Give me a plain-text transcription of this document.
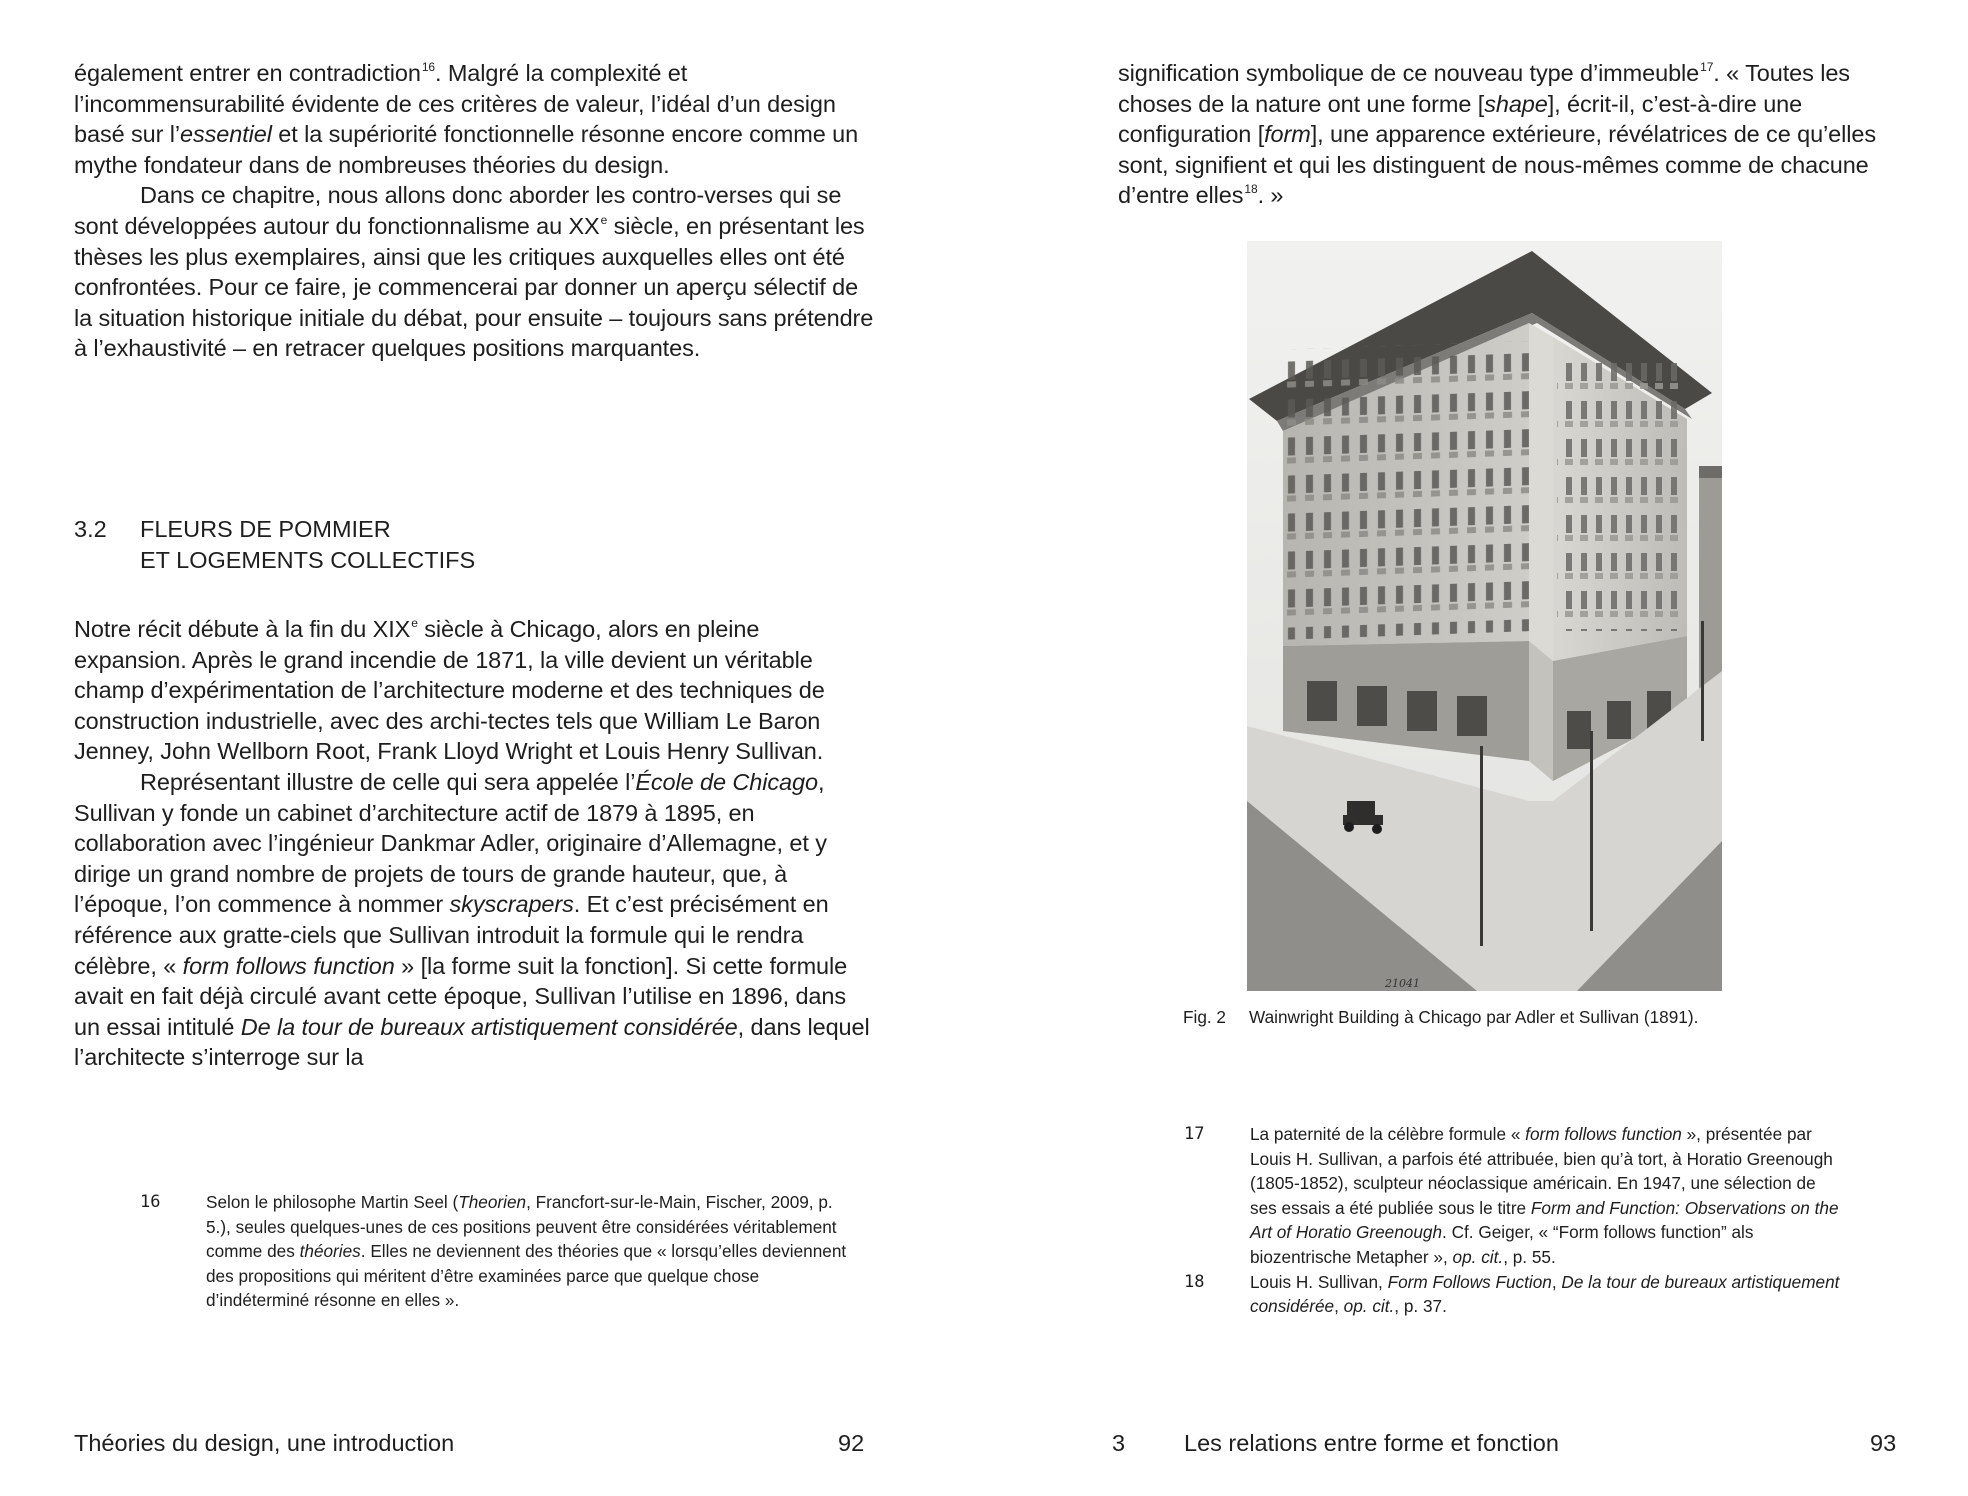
également entrer en contradiction$^{16}$. Malgré la complexité et l’incommensurabilité évidente de ces critères de valeur, l’idéal d’un design basé sur l’essentiel et la supériorité fonctionnelle résonne encore comme un mythe fondateur dans de nombreuses théories du design.

Dans ce chapitre, nous allons donc aborder les contro-verses qui se sont développées autour du fonctionnalisme au XXe siècle, en présentant les thèses les plus exemplaires, ainsi que les critiques auxquelles elles ont été confrontées. Pour ce faire, je commencerai par donner un aperçu sélectif de la situation historique initiale du débat, pour ensuite – toujours sans prétendre à l’exhaustivité – en retracer quelques positions marquantes.

3.2 FLEURS DE POMMIER
ET LOGEMENTS COLLECTIFS

Notre récit débute à la fin du XIXe siècle à Chicago, alors en pleine expansion. Après le grand incendie de 1871, la ville devient un véritable champ d’expérimentation de l’architecture moderne et des techniques de construction industrielle, avec des archi-tectes tels que William Le Baron Jenney, John Wellborn Root, Frank Lloyd Wright et Louis Henry Sullivan.

Représentant illustre de celle qui sera appelée l’École de Chicago, Sullivan y fonde un cabinet d’architecture actif de 1879 à 1895, en collaboration avec l’ingénieur Dankmar Adler, originaire d’Allemagne, et y dirige un grand nombre de projets de tours de grande hauteur, que, à l’époque, l’on commence à nommer skyscrapers. Et c’est précisément en référence aux gratte-ciels que Sullivan introduit la formule qui le rendra célèbre, « form follows function » [la forme suit la fonction]. Si cette formule avait en fait déjà circulé avant cette époque, Sullivan l’utilise en 1896, dans un essai intitulé De la tour de bureaux artistiquement considérée, dans lequel l’architecte s’interroge sur la

16	Selon le philosophe Martin Seel (Theorien, Francfort-sur-le-Main, Fischer, 2009, p. 5.), seules quelques-unes de ces positions peuvent être considérées véritablement comme des théories. Elles ne deviennent des théories que « lorsqu’elles deviennent des propositions qui méritent d’être examinées parce que quelque chose d’indéterminé résonne en elles ».
Théories du design, une introduction	92

signification symbolique de ce nouveau type d’immeuble$^{17}$. « Toutes les choses de la nature ont une forme [shape], écrit-il, c’est-à-dire une configuration [form], une apparence extérieure, révélatrices de ce qu’elles sont, signifient et qui les distinguent de nous-mêmes comme de chacune d’entre elles$^{18}$. »

21041
Fig. 2 Wainwright Building à Chicago par Adler et Sullivan (1891).
17	La paternité de la célèbre formule « form follows function », présentée par Louis H. Sullivan, a parfois été attribuée, bien qu’à tort, à Horatio Greenough (1805-1852), sculpteur néoclassique américain. En 1947, une sélection de ses essais a été publiée sous le titre Form and Function: Observations on the Art of Horatio Greenough. Cf. Geiger, « “Form follows function” als biozentrische Metapher », op. cit., p. 55.
18	Louis H. Sullivan, Form Follows Fuction, De la tour de bureaux artistiquement considérée, op. cit., p. 37.
3	Les relations entre forme et fonction	93
